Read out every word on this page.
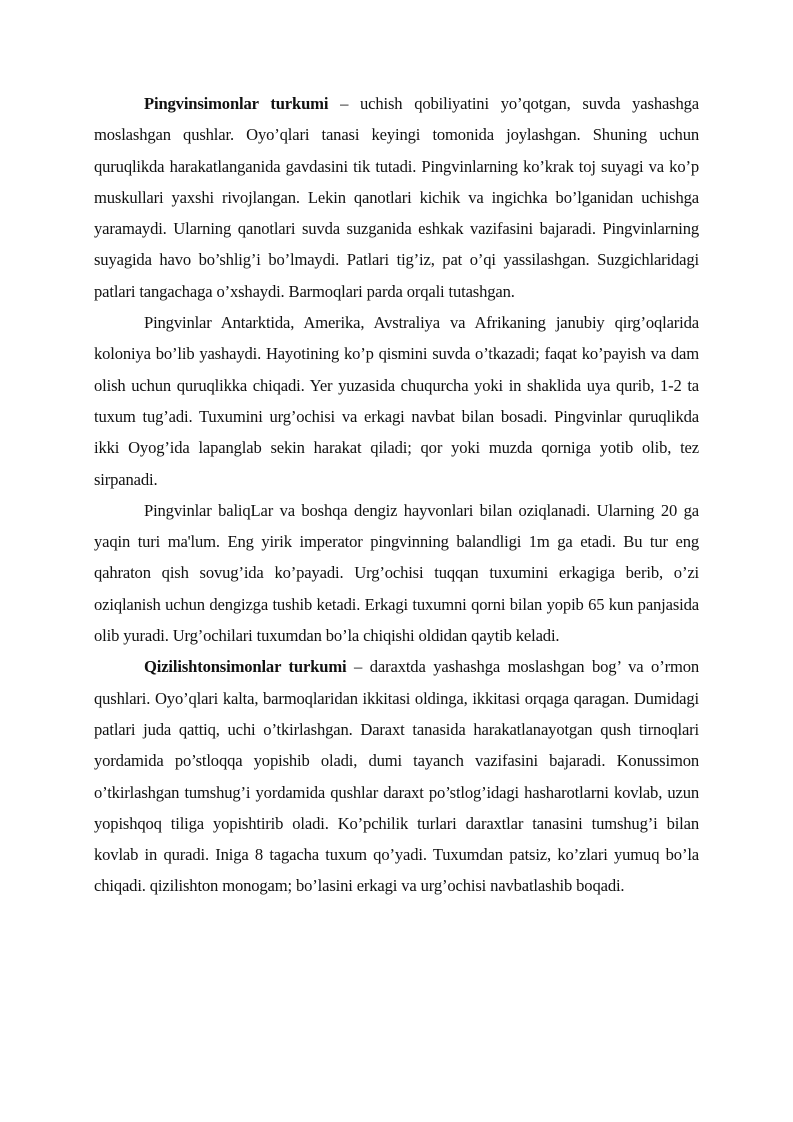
Pingvinsimonlar turkumi – uchish qobiliyatini yo’qotgan, suvda yashashga moslashgan qushlar. Oyo’qlari tanasi keyingi tomonida joylashgan. Shuning uchun quruqlikda harakatlanganida gavdasini tik tutadi. Pingvinlarning ko’krak toj suyagi va ko’p muskullari yaxshi rivojlangan. Lekin qanotlari kichik va ingichka bo’lganidan uchishga yaramaydi. Ularning qanotlari suvda suzganida eshkak vazifasini bajaradi. Pingvinlarning suyagida havo bo’shlig’i bo’lmaydi. Patlari tig’iz, pat o’qi yassilashgan. Suzgichlaridagi patlari tangachaga o’xshaydi. Barmoqlari parda orqali tutashgan.

Pingvinlar Antarktida, Amerika, Avstraliya va Afrikaning janubiy qirg’oqlarida koloniya bo’lib yashaydi. Hayotining ko’p qismini suvda o’tkazadi; faqat ko’payish va dam olish uchun quruqlikka chiqadi. Yer yuzasida chuqurcha yoki in shaklida uya qurib, 1-2 ta tuxum tug’adi. Tuxumini urg’ochisi va erkagi navbat bilan bosadi. Pingvinlar quruqlikda ikki Oyog’ida lapanglab sekin harakat qiladi; qor yoki muzda qorniga yotib olib, tez sirpanadi.

Pingvinlar baliqLar va boshqa dengiz hayvonlari bilan oziqlanadi. Ularning 20 ga yaqin turi ma'lum. Eng yirik imperator pingvinning balandligi 1m ga etadi. Bu tur eng qahraton qish sovug’ida ko’payadi. Urg’ochisi tuqqan tuxumini erkagiga berib, o’zi oziqlanish uchun dengizga tushib ketadi. Erkagi tuxumni qorni bilan yopib 65 kun panjasida olib yuradi. Urg’ochilari tuxumdan bo’la chiqishi oldidan qaytib keladi.

Qizilishtonsimonlar turkumi – daraxtda yashashga moslashgan bog’ va o’rmon qushlari. Oyo’qlari kalta, barmoqlaridan ikkitasi oldinga, ikkitasi orqaga qaragan. Dumidagi patlari juda qattiq, uchi o’tkirlashgan. Daraxt tanasida harakatlanayotgan qush tirnoqlari yordamida po’stloqqa yopishib oladi, dumi tayanch vazifasini bajaradi. Konussimon o’tkirlashgan tumshug’i yordamida qushlar daraxt po’stlog’idagi hasharotlarni kovlab, uzun yopishqoq tiliga yopishtirib oladi. Ko’pchilik turlari daraxtlar tanasini tumshug’i bilan kovlab in quradi. Iniga 8 tagacha tuxum qo’yadi. Tuxumdan patsiz, ko’zlari yumuq bo’la chiqadi. qizilishton monogam; bo’lasini erkagi va urg’ochisi navbatlashib boqadi.
